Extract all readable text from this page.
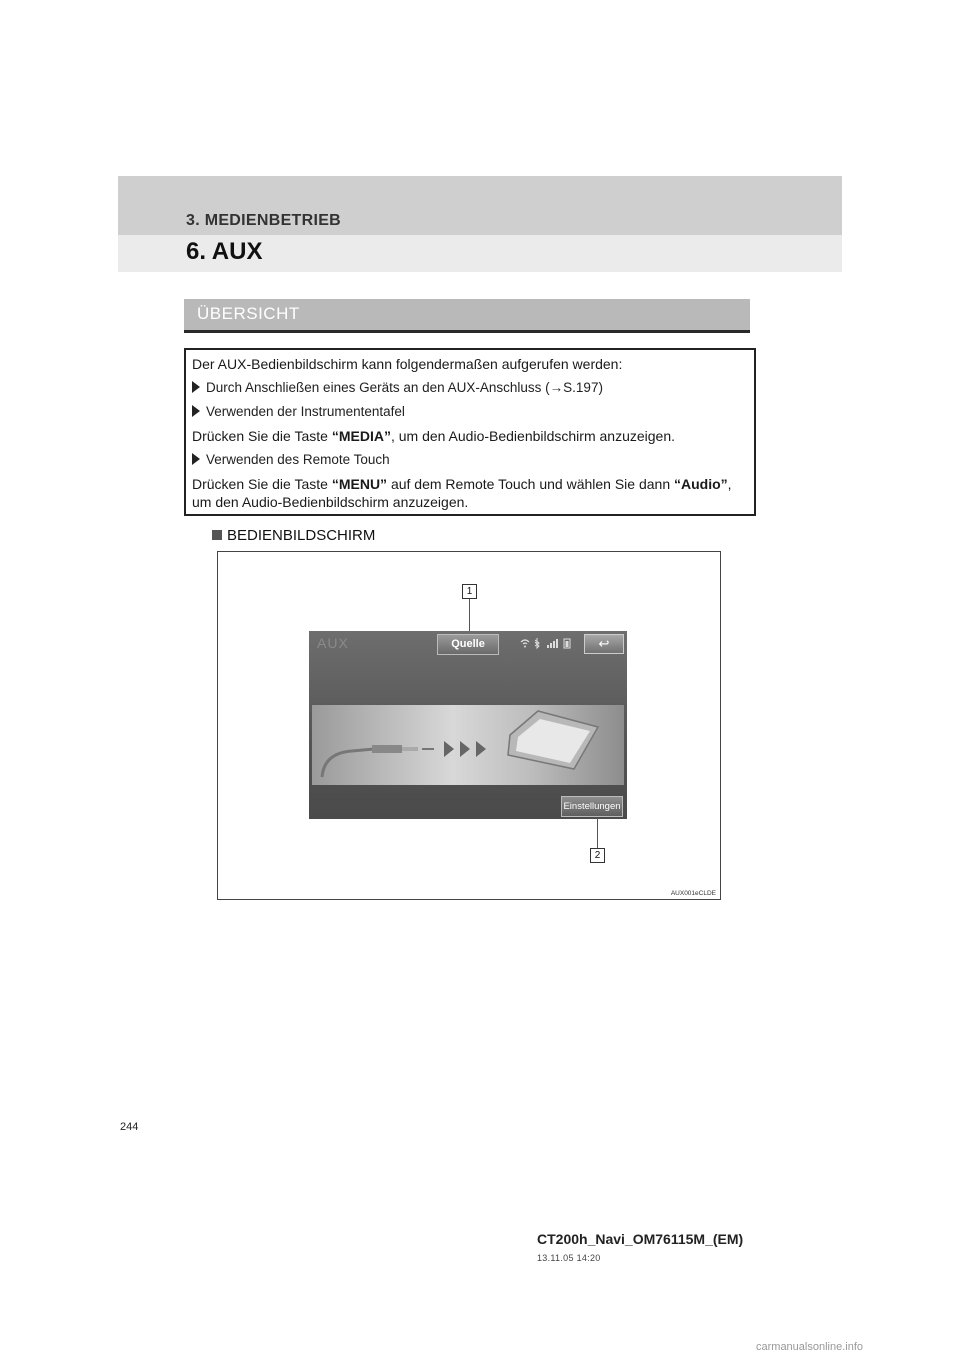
3. MEDIENBETRIEB
6. AUX
ÜBERSICHT
Der AUX-Bedienbildschirm kann folgendermaßen aufgerufen werden:
Durch Anschließen eines Geräts an den AUX-Anschluss (→S.197)
Verwenden der Instrumententafel
Drücken Sie die Taste “MEDIA”, um den Audio-Bedienbildschirm anzuzeigen.
Verwenden des Remote Touch
Drücken Sie die Taste “MENU” auf dem Remote Touch und wählen Sie dann “Audio”,
um den Audio-Bedienbildschirm anzuzeigen.
BEDIENBILDSCHIRM
1
AUX	Quelle	↩
Einstellungen
2
AUX001eCLDE
244
CT200h_Navi_OM76115M_(EM)
13.11.05 14:20
carmanualsonline.info
